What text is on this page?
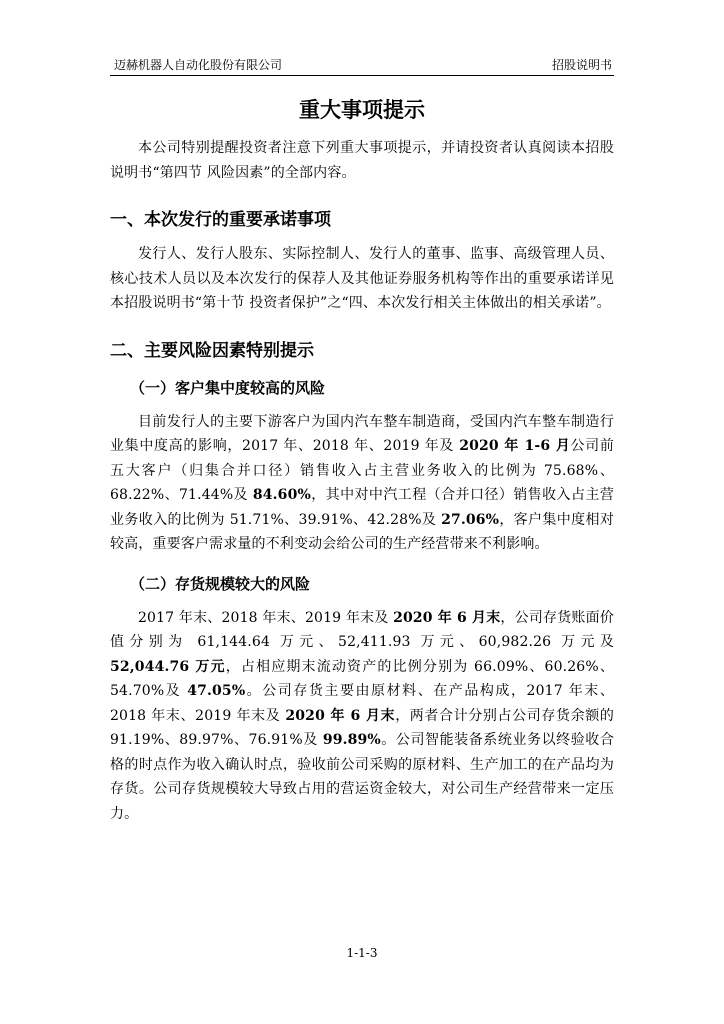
迈赫机器人自动化股份有限公司	招股说明书
重大事项提示

本公司特别提醒投资者注意下列重大事项提示，并请投资者认真阅读本招股说明书“第四节 风险因素”的全部内容。

一、本次发行的重要承诺事项

发行人、发行人股东、实际控制人、发行人的董事、监事、高级管理人员、核心技术人员以及本次发行的保荐人及其他证券服务机构等作出的重要承诺详见本招股说明书“第十节 投资者保护”之“四、本次发行相关主体做出的相关承诺”。

二、主要风险因素特别提示
（一）客户集中度较高的风险

目前发行人的主要下游客户为国内汽车整车制造商，受国内汽车整车制造行业集中度高的影响，2017 年、2018 年、2019 年及 2020 年 1-6 月公司前五大客户（归集合并口径）销售收入占主营业务收入的比例为 75.68%、68.22%、71.44%及 84.60%，其中对中汽工程（合并口径）销售收入占主营业务收入的比例为 51.71%、39.91%、42.28%及 27.06%，客户集中度相对较高，重要客户需求量的不利变动会给公司的生产经营带来不利影响。

（二）存货规模较大的风险

2017 年末、2018 年末、2019 年末及 2020 年 6 月末，公司存货账面价值分别为 61,144.64 万元、52,411.93 万元、60,982.26 万元及 52,044.76 万元，占相应期末流动资产的比例分别为 66.09%、60.26%、54.70%及 47.05%。公司存货主要由原材料、在产品构成，2017 年末、2018 年末、2019 年末及 2020 年 6 月末，两者合计分别占公司存货余额的 91.19%、89.97%、76.91%及 99.89%。公司智能装备系统业务以终验收合格的时点作为收入确认时点，验收前公司采购的原材料、生产加工的在产品均为存货。公司存货规模较大导致占用的营运资金较大，对公司生产经营带来一定压力。

1-1-3
